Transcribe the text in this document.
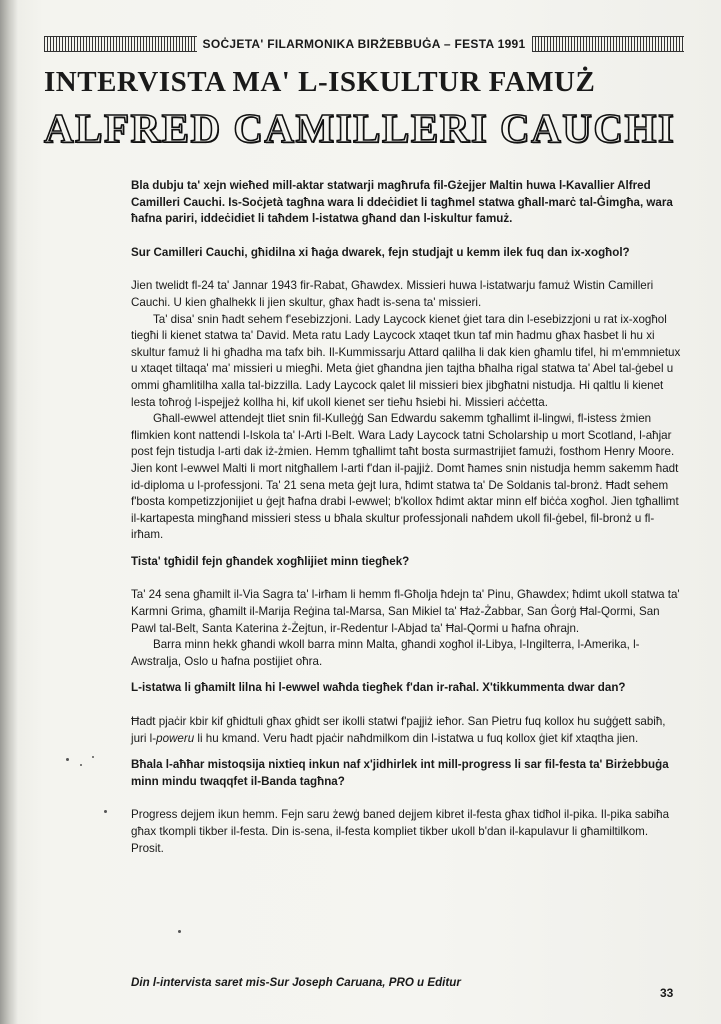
SOĊJETA' FILARMONIKA BIRŻEBBUĠA – FESTA 1991
INTERVISTA MA' L-ISKULTUR FAMUŻ
ALFRED CAMILLERI CAUCHI

Bla dubju ta' xejn wieħed mill-aktar statwarji magħrufa fil-Gżejjer Maltin huwa l-Kavallier Alfred Camilleri Cauchi. Is-Soċjetà tagħna wara li ddeċidiet li tagħmel statwa għall-marċ tal-Ġimgħa, wara ħafna pariri, iddeċidiet li taħdem l-istatwa għand dan l-iskultur famuż.

Sur Camilleri Cauchi, għidilna xi ħaġa dwarek, fejn studjajt u kemm ilek fuq dan ix-xogħol?

Jien twelidt fl-24 ta' Jannar 1943 fir-Rabat, Għawdex. Missieri huwa l-istatwarju famuż Wistin Camilleri Cauchi. U kien għalhekk li jien skultur, għax ħadt is-sena ta' missieri.

Ta' disa' snin ħadt sehem f'esebizzjoni. Lady Laycock kienet ġiet tara din l-esebizzjoni u rat ix-xogħol tiegħi li kienet statwa ta' David. Meta ratu Lady Laycock xtaqet tkun taf min ħadmu għax ħasbet li hu xi skultur famuż li hi għadha ma tafx bih. Il-Kummissarju Attard qalilha li dak kien għamlu tifel, hi m'emmnietux u xtaqet tiltaqa' ma' missieri u miegħi. Meta ġiet għandna jien tajtha bħalha rigal statwa ta' Abel tal-ġebel u ommi għamlitilha xalla tal-bizzilla. Lady Laycock qalet lil missieri biex jibgħatni nistudja. Hi qaltlu li kienet lesta toħroġ l-ispejjeż kollha hi, kif ukoll kienet ser tieħu ħsiebi hi. Missieri aċċetta.

Għall-ewwel attendejt tliet snin fil-Kulleġġ San Edwardu sakemm tgħallimt il-lingwi, fl-istess żmien flimkien kont nattendi l-Iskola ta' l-Arti l-Belt. Wara Lady Laycock tatni Scholarship u mort Scotland, l-aħjar post fejn tistudja l-arti dak iż-żmien. Hemm tgħallimt taħt bosta surmastrijiet famużi, fosthom Henry Moore. Jien kont l-ewwel Malti li mort nitgħallem l-arti f'dan il-pajjiż. Domt ħames snin nistudja hemm sakemm ħadt id-diploma u l-professjoni. Ta' 21 sena meta ġejt lura, ħdimt statwa ta' De Soldanis tal-bronż. Ħadt sehem f'bosta kompetizzjonijiet u ġejt ħafna drabi l-ewwel; b'kollox ħdimt aktar minn elf biċċa xogħol. Jien tgħallimt il-kartapesta mingħand missieri stess u bħala skultur professjonali naħdem ukoll fil-ġebel, fil-bronż u fl-irħam.

Tista' tgħidil fejn għandek xogħlijiet minn tiegħek?

Ta' 24 sena għamilt il-Via Sagra ta' l-irħam li hemm fl-Għolja ħdejn ta' Pinu, Għawdex; ħdimt ukoll statwa ta' Karmni Grima, għamilt il-Marija Reġina tal-Marsa, San Mikiel ta' Ħaż-Żabbar, San Ġorġ Ħal-Qormi, San Pawl tal-Belt, Santa Katerina ż-Żejtun, ir-Redentur l-Abjad ta' Ħal-Qormi u ħafna oħrajn.

Barra minn hekk għandi wkoll barra minn Malta, għandi xogħol il-Libya, l-Ingilterra, l-Amerika, l-Awstralja, Oslo u ħafna postijiet oħra.

L-istatwa li għamilt lilna hi l-ewwel waħda tiegħek f'dan ir-raħal. X'tikkummenta dwar dan?

Ħadt pjaċir kbir kif għidtuli għax għidt ser ikolli statwi f'pajjiż ieħor. San Pietru fuq kollox hu suġġett sabiħ, juri l-poweru li hu kmand. Veru ħadt pjaċir naħdmilkom din l-istatwa u fuq kollox ġiet kif xtaqtha jien.

Bħala l-aħħar mistoqsija nixtieq inkun naf x'jidhirlek int mill-progress li sar fil-festa ta' Birżebbuġa minn mindu twaqqfet il-Banda tagħna?

Progress dejjem ikun hemm. Fejn saru żewġ baned dejjem kibret il-festa għax tidħol il-pika. Il-pika sabiħa għax tkompli tikber il-festa. Din is-sena, il-festa kompliet tikber ukoll b'dan il-kapulavur li għamiltilkom. Prosit.

Din l-intervista saret mis-Sur Joseph Caruana, PRO u Editur
33
